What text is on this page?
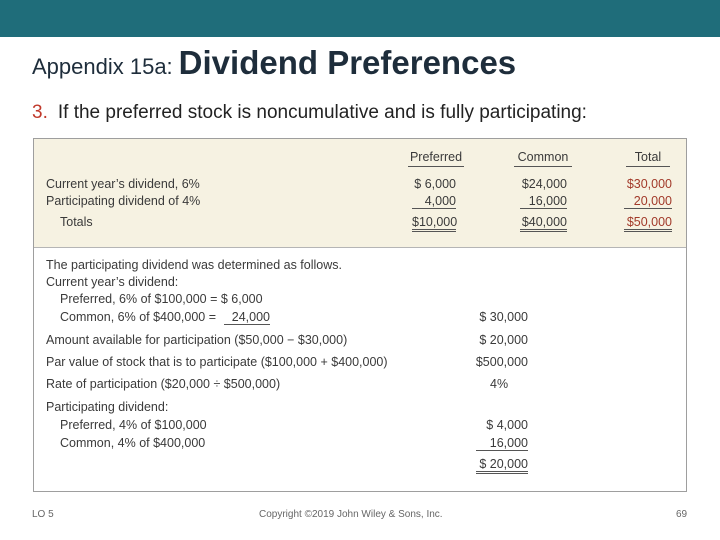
Appendix 15a: Dividend Preferences
3. If the preferred stock is noncumulative and is fully participating:
Preferred	Common	Total
Current year’s dividend, 6%	$ 6,000	$24,000	$30,000
Participating dividend of 4%	4,000	16,000	20,000
Totals	$10,000	$40,000	$50,000
The participating dividend was determined as follows.
Current year’s dividend:
Preferred, 6% of $100,000 = $ 6,000
Common, 6% of $400,000 =	24,000	$ 30,000
Amount available for participation ($50,000 − $30,000)	$ 20,000
Par value of stock that is to participate ($100,000 + $400,000)	$500,000
Rate of participation ($20,000 ÷ $500,000)	4%
Participating dividend:
Preferred, 4% of $100,000	$ 4,000
Common, 4% of $400,000	16,000
$ 20,000
LO 5	Copyright ©2019 John Wiley & Sons, Inc.	69
